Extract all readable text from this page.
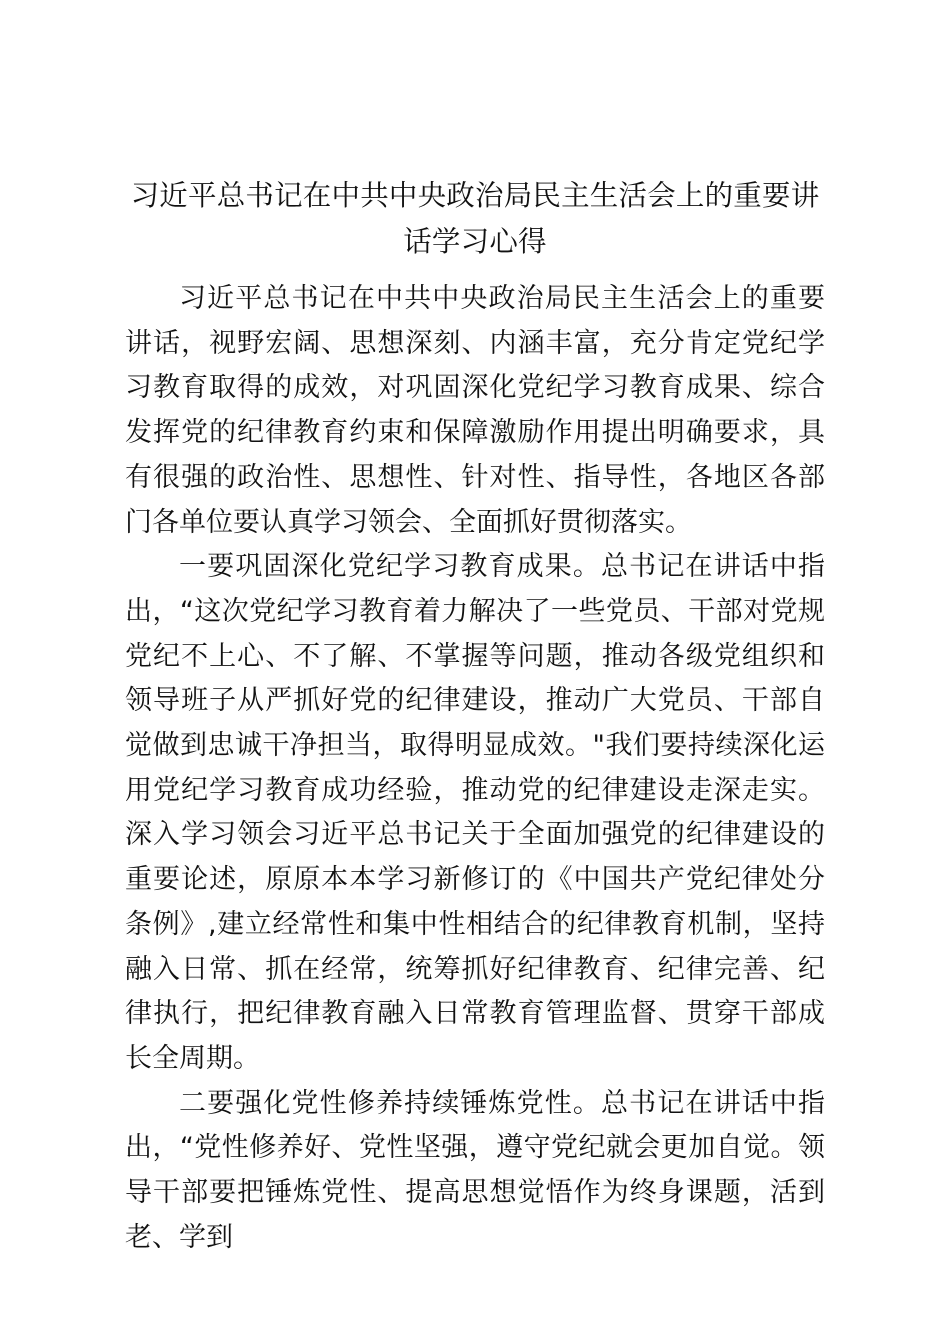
习近平总书记在中共中央政治局民主生活会上的重要讲话学习心得

习近平总书记在中共中央政治局民主生活会上的重要讲话，视野宏阔、思想深刻、内涵丰富，充分肯定党纪学习教育取得的成效，对巩固深化党纪学习教育成果、综合发挥党的纪律教育约束和保障激励作用提出明确要求，具有很强的政治性、思想性、针对性、指导性，各地区各部门各单位要认真学习领会、全面抓好贯彻落实。

一要巩固深化党纪学习教育成果。总书记在讲话中指出，“这次党纪学习教育着力解决了一些党员、干部对党规党纪不上心、不了解、不掌握等问题，推动各级党组织和领导班子从严抓好党的纪律建设，推动广大党员、干部自觉做到忠诚干净担当，取得明显成效。"我们要持续深化运用党纪学习教育成功经验，推动党的纪律建设走深走实。深入学习领会习近平总书记关于全面加强党的纪律建设的重要论述，原原本本学习新修订的《中国共产党纪律处分条例》,建立经常性和集中性相结合的纪律教育机制，坚持融入日常、抓在经常，统筹抓好纪律教育、纪律完善、纪律执行，把纪律教育融入日常教育管理监督、贯穿干部成长全周期。

二要强化党性修养持续锤炼党性。总书记在讲话中指出，“党性修养好、党性坚强，遵守党纪就会更加自觉。领导干部要把锤炼党性、提高思想觉悟作为终身课题，活到老、学到
